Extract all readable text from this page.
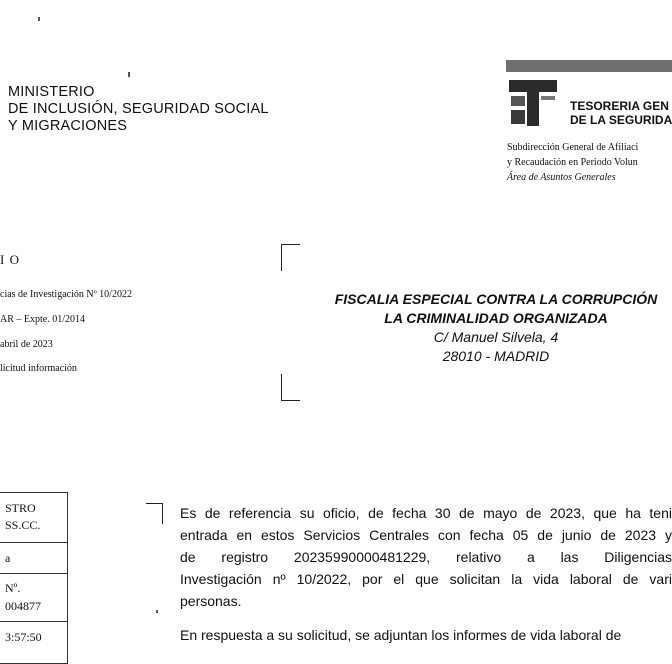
MINISTERIO
DE INCLUSIÓN, SEGURIDAD SOCIAL
Y MIGRACIONES
TESORERIA GEN
DE LA SEGURIDA
Subdirección General de Afiliaci
y Recaudación en Periodo Volun
Área de Asuntos Generales
I O
cias de Investigación Nº 10/2022
AR – Expte. 01/2014
abril de 2023
licitud información
FISCALIA ESPECIAL CONTRA LA CORRUPCIÓN
LA CRIMINALIDAD ORGANIZADA
C/ Manuel Silvela, 4
28010 - MADRID
STRO
SS.CC.
a
Nº.
004877
3:57:50
Es de referencia su oficio, de fecha 30 de mayo de 2023, que ha teni
entrada en estos Servicios Centrales con fecha 05 de junio de 2023 y
de registro 20235990000481229, relativo a las Diligencias
Investigación nº 10/2022, por el que solicitan la vida laboral de vari
personas.
En respuesta a su solicitud, se adjuntan los informes de vida laboral de
